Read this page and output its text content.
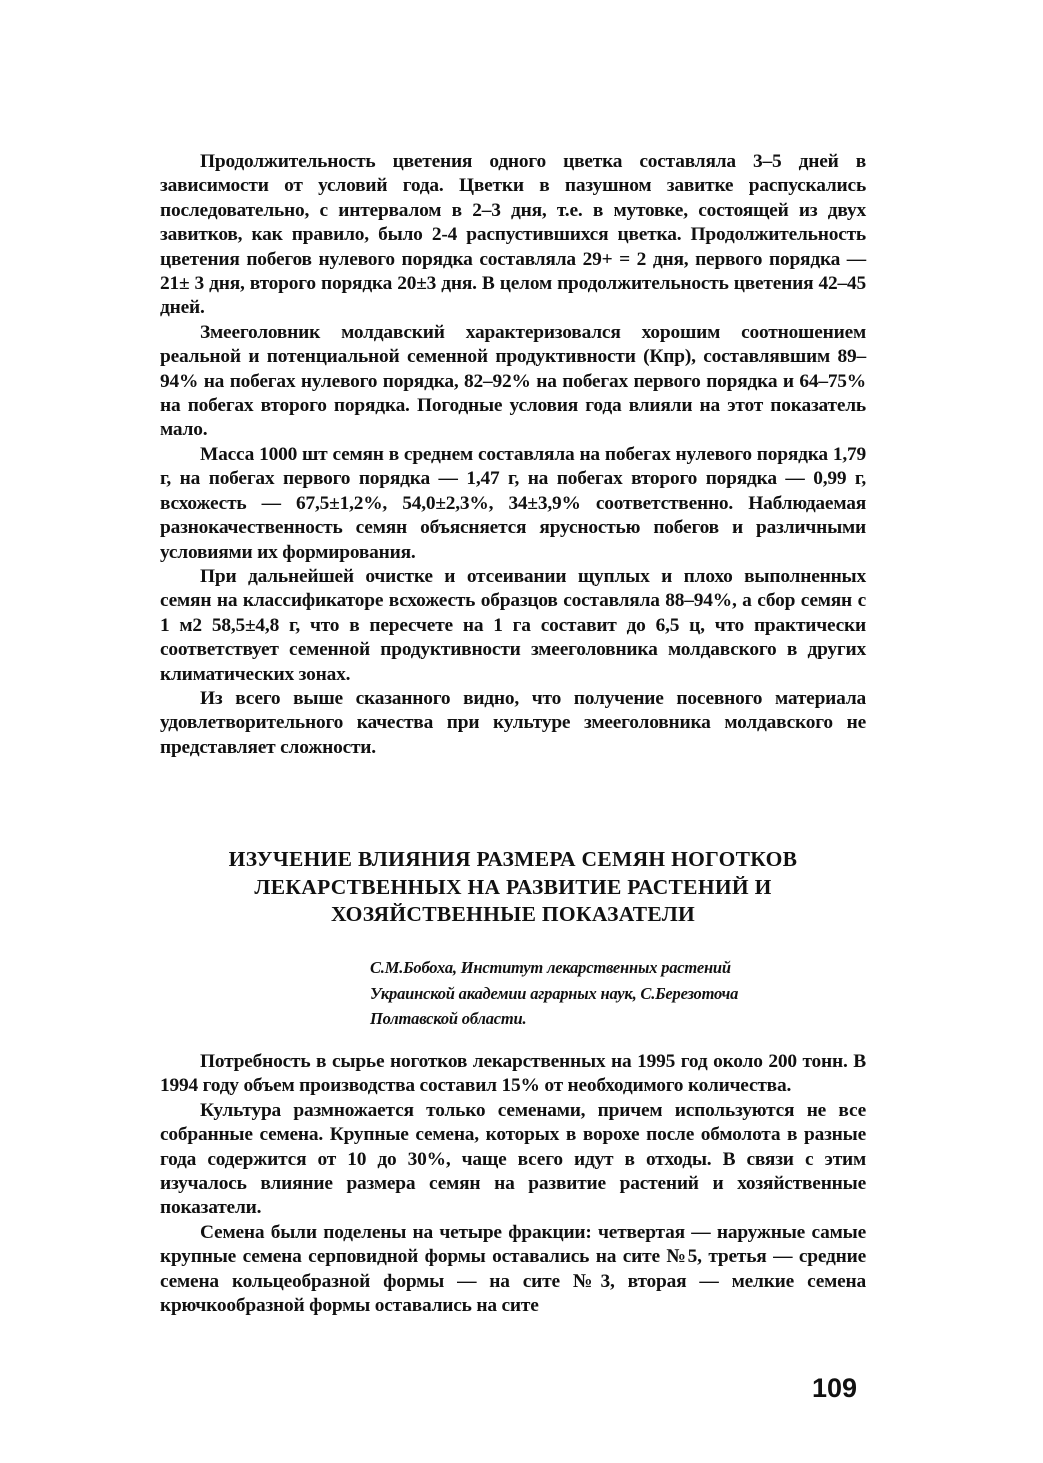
Продолжительность цветения одного цветка составляла 3–5 дней в зависимости от условий года. Цветки в пазушном завитке распускались последовательно, с интервалом в 2–3 дня, т.е. в мутовке, состоящей из двух завитков, как правило, было 2-4 распустившихся цветка. Продолжительность цветения побегов нулевого порядка составляла 29+ = 2 дня, первого порядка — 21± 3 дня, второго порядка 20±3 дня. В целом продолжительность цветения 42–45 дней.

Змееголовник молдавский характеризовался хорошим соотношением реальной и потенциальной семенной продуктивности (Кпр), составлявшим 89–94% на побегах нулевого порядка, 82–92% на побегах первого порядка и 64–75% на побегах второго порядка. Погодные условия года влияли на этот показатель мало.

Масса 1000 шт семян в среднем составляла на побегах нулевого порядка 1,79 г, на побегах первого порядка — 1,47 г, на побегах второго порядка — 0,99 г, всхожесть — 67,5±1,2%, 54,0±2,3%, 34±3,9% соответственно. Наблюдаемая разнокачественность семян объясняется ярусностью побегов и различными условиями их формирования.

При дальнейшей очистке и отсеивании щуплых и плохо выполненных семян на классификаторе всхожесть образцов составляла 88–94%, а сбор семян с 1 м2 58,5±4,8 г, что в пересчете на 1 га составит до 6,5 ц, что практически соответствует семенной продуктивности змееголовника молдавского в других климатических зонах.

Из всего выше сказанного видно, что получение посевного материала удовлетворительного качества при культуре змееголовника молдавского не представляет сложности.

ИЗУЧЕНИЕ ВЛИЯНИЯ РАЗМЕРА СЕМЯН НОГОТКОВ
ЛЕКАРСТВЕННЫХ НА РАЗВИТИЕ РАСТЕНИЙ И
ХОЗЯЙСТВЕННЫЕ ПОКАЗАТЕЛИ

С.М.Бобоха, Институт лекарственных растений
Украинской академии аграрных наук, С.Березоточа
Полтавской области.

Потребность в сырье ноготков лекарственных на 1995 год около 200 тонн. В 1994 году объем производства составил 15% от необходимого количества.

Культура размножается только семенами, причем используются не все собранные семена. Крупные семена, которых в ворохе после обмолота в разные года содержится от 10 до 30%, чаще всего идут в отходы. В связи с этим изучалось влияние размера семян на развитие растений и хозяйственные показатели.

Семена были поделены на четыре фракции: четвертая — наружные самые крупные семена серповидной формы оставались на сите №5, третья — средние семена кольцеобразной формы — на сите №3, вторая — мелкие семена крючкообразной формы оставались на сите

109
